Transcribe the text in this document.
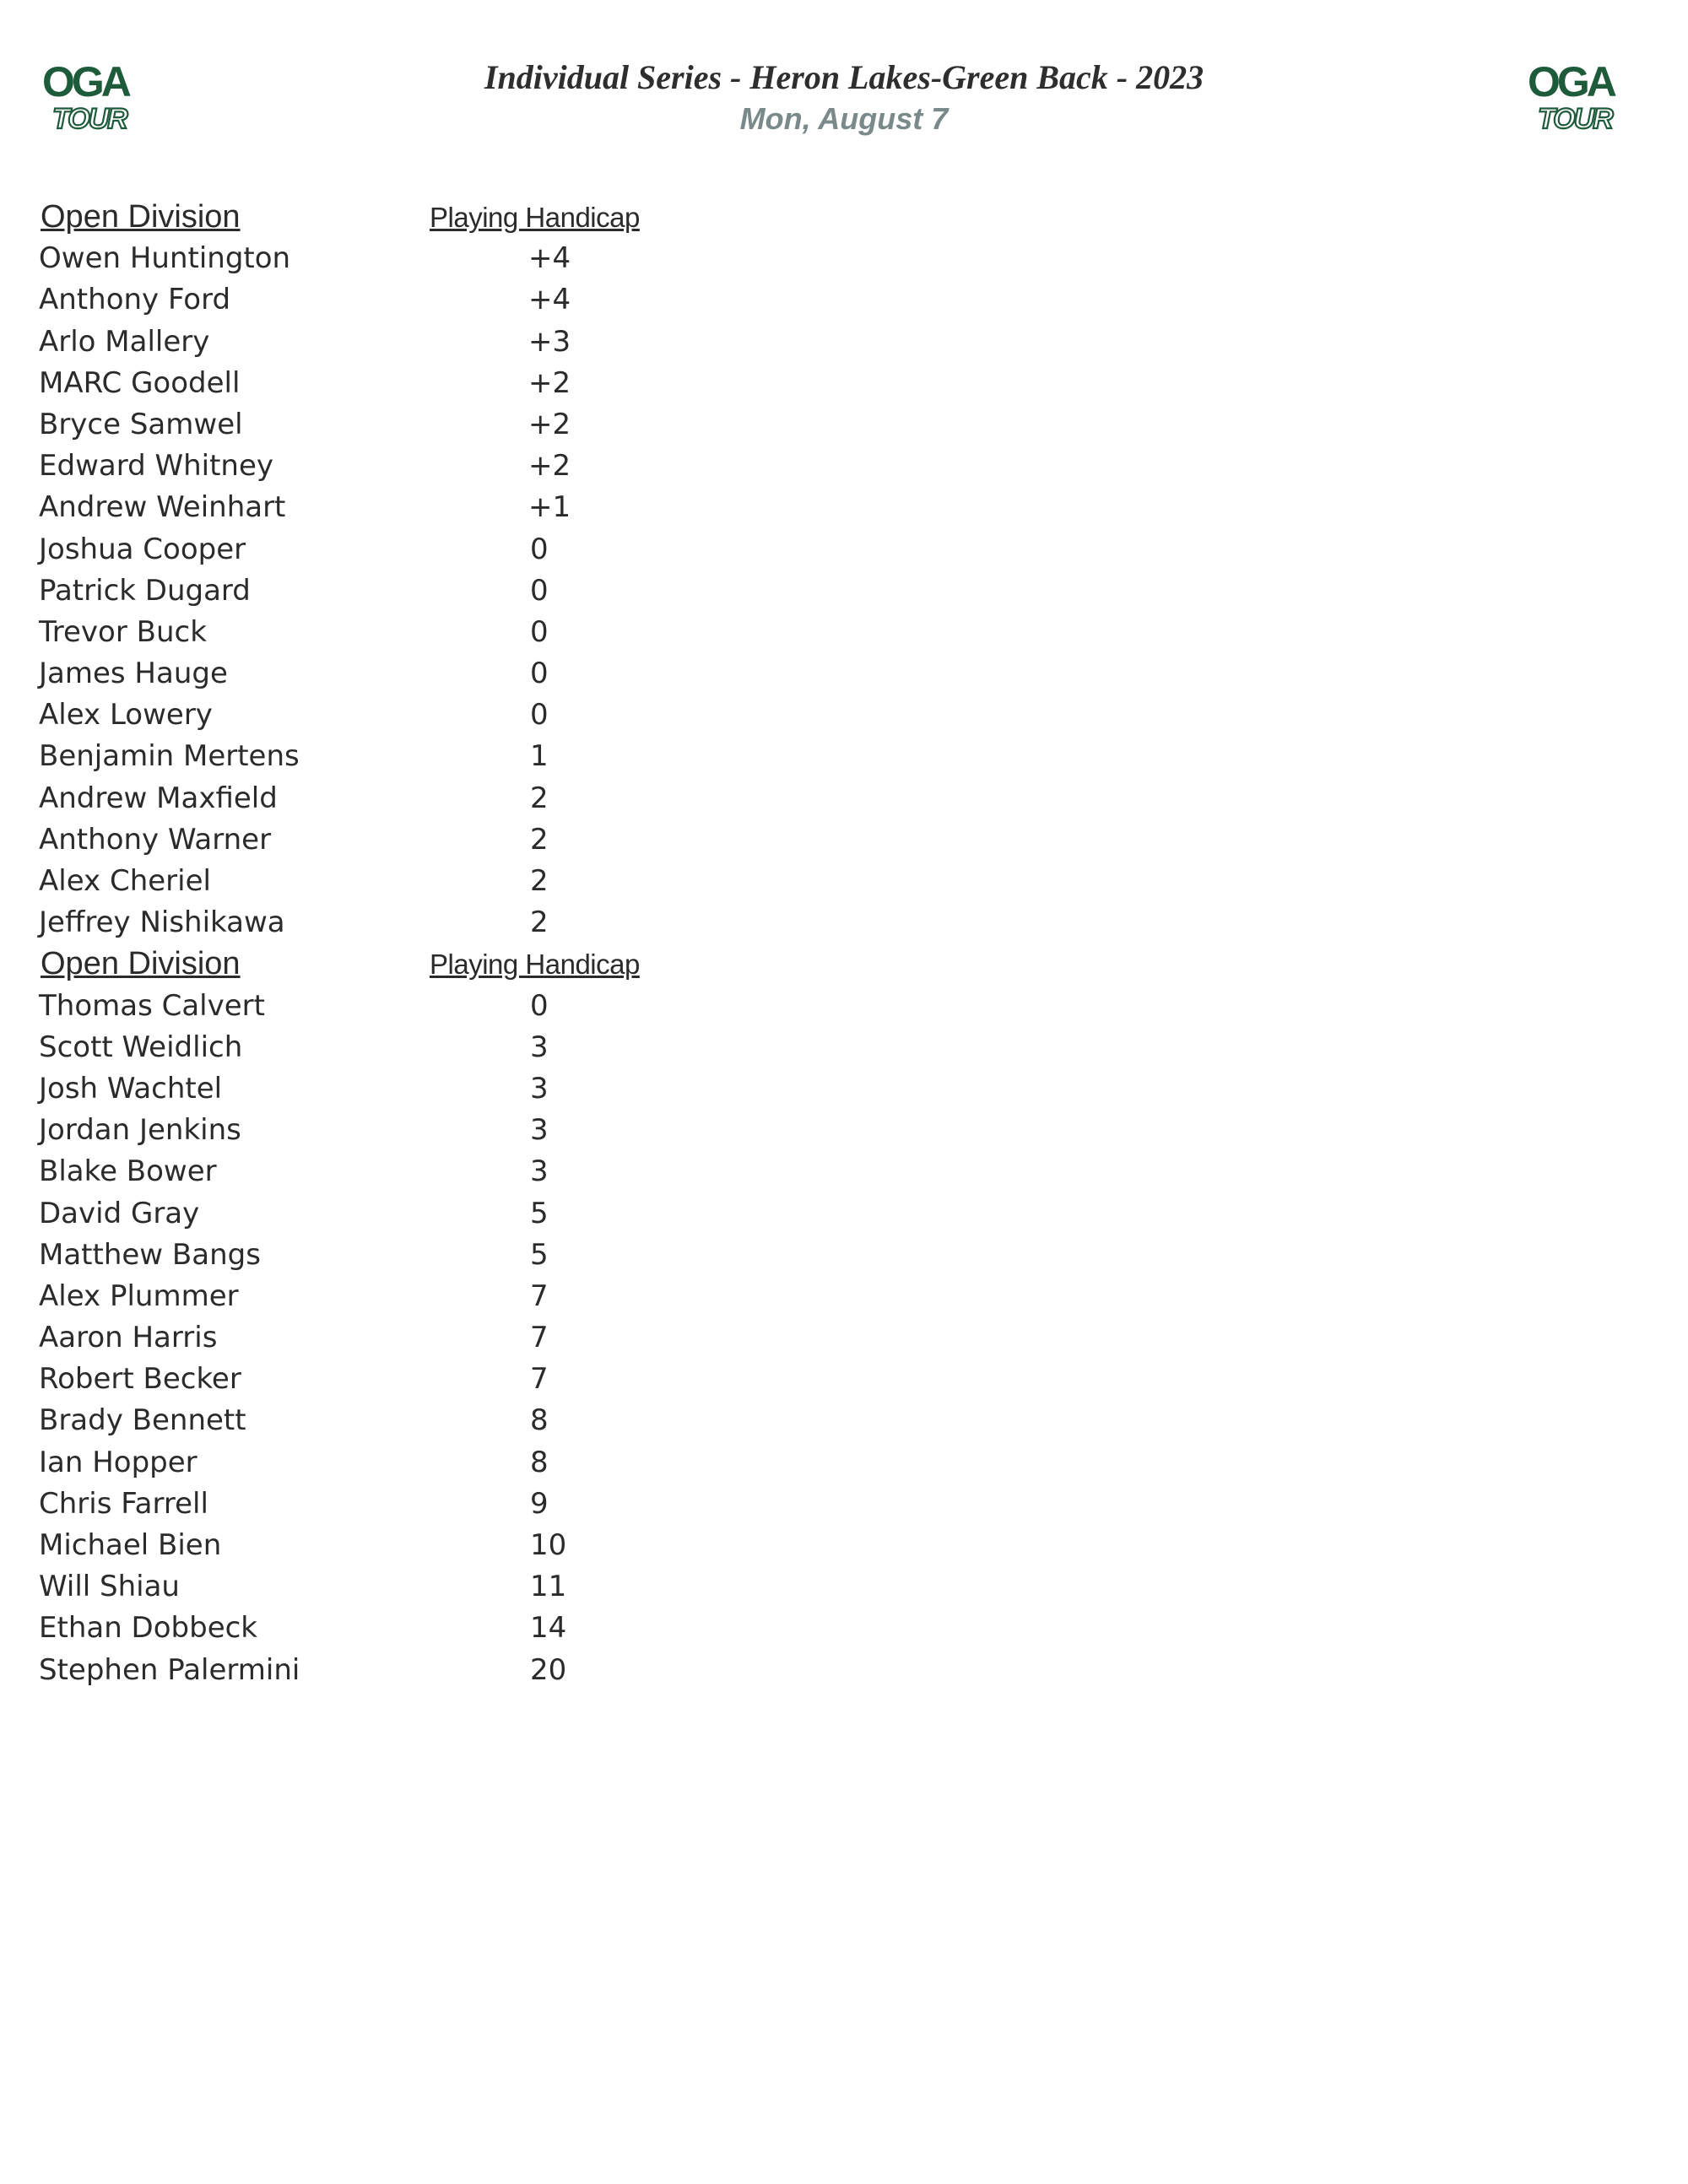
OGA
TOUR
OGA
TOUR
Individual Series - Heron Lakes-Green Back - 2023
Mon, August 7
Open Division	Playing Handicap
Owen Huntington	+4
Anthony Ford	+4
Arlo Mallery	+3
MARC Goodell	+2
Bryce Samwel	+2
Edward Whitney	+2
Andrew Weinhart	+1
Joshua Cooper	0
Patrick Dugard	0
Trevor Buck	0
James Hauge	0
Alex Lowery	0
Benjamin Mertens	1
Andrew Maxfield	2
Anthony Warner	2
Alex Cheriel	2
Jeffrey Nishikawa	2
Open Division	Playing Handicap
Thomas Calvert	0
Scott Weidlich	3
Josh Wachtel	3
Jordan Jenkins	3
Blake Bower	3
David Gray	5
Matthew Bangs	5
Alex Plummer	7
Aaron Harris	7
Robert Becker	7
Brady Bennett	8
Ian Hopper	8
Chris Farrell	9
Michael Bien	10
Will Shiau	11
Ethan Dobbeck	14
Stephen Palermini	20
